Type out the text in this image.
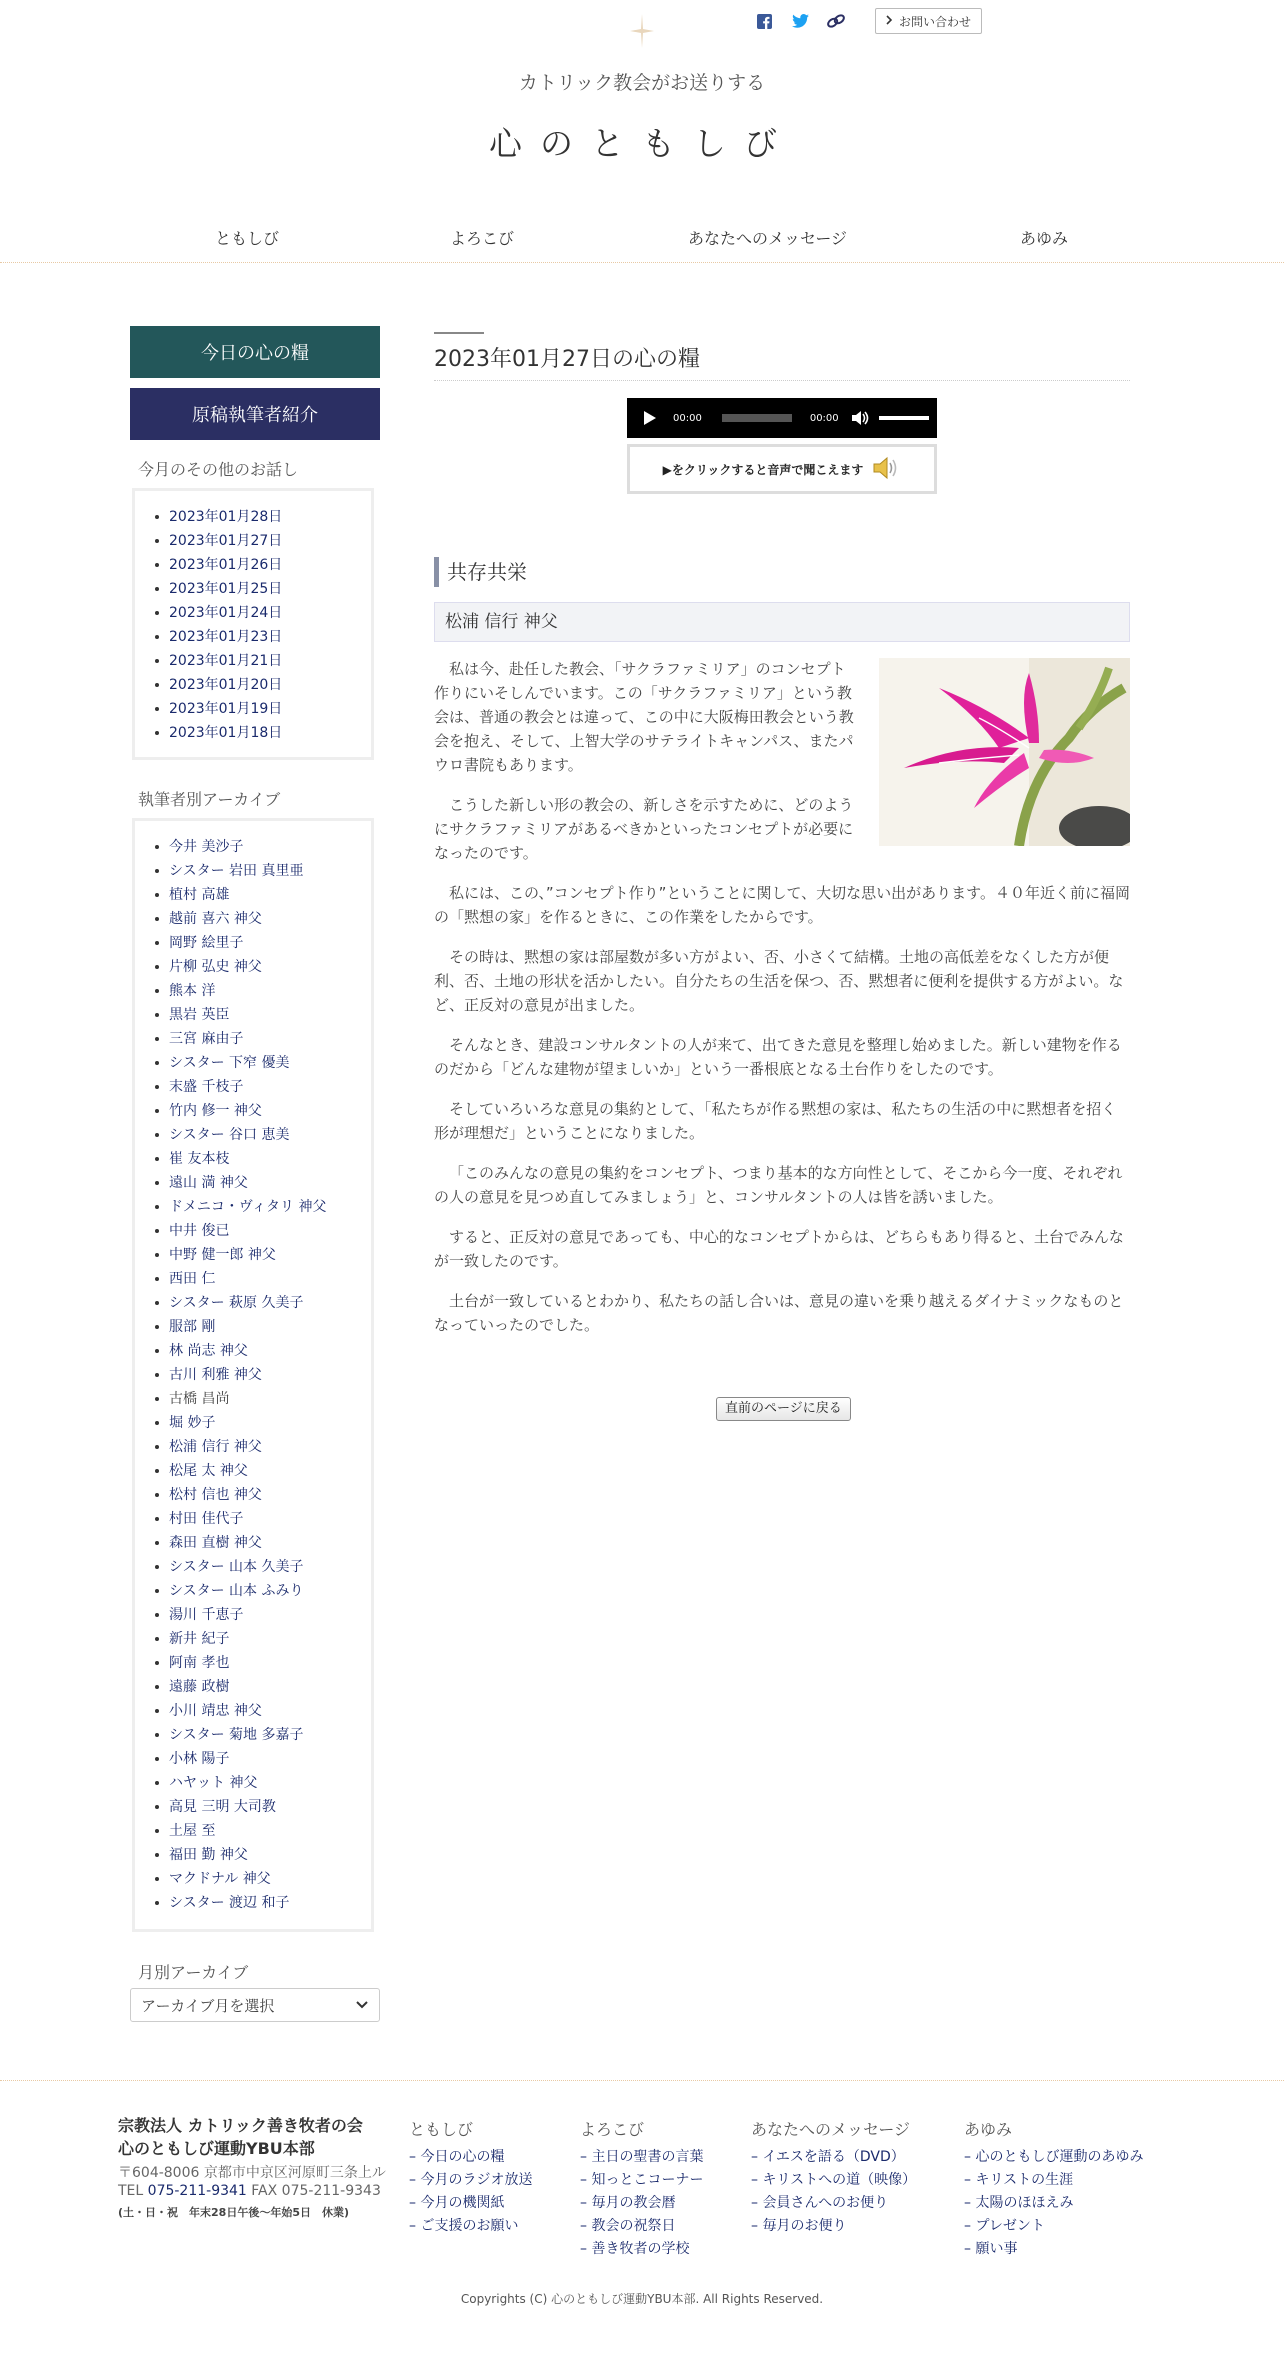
お問い合わせ
カトリック教会がお送りする
心のともしび
ともしび	よろこび	あなたへのメッセージ	あゆみ
今日の心の糧
原稿執筆者紹介
今月のその他のお話し
2023年01月28日
2023年01月27日
2023年01月26日
2023年01月25日
2023年01月24日
2023年01月23日
2023年01月21日
2023年01月20日
2023年01月19日
2023年01月18日
執筆者別アーカイブ
今井 美沙子
シスター 岩田 真里亜
植村 高雄
越前 喜六 神父
岡野 絵里子
片柳 弘史 神父
熊本 洋
黒岩 英臣
三宮 麻由子
シスター 下窄 優美
末盛 千枝子
竹内 修一 神父
シスター 谷口 恵美
崔 友本枝
遠山 満 神父
ドメニコ・ヴィタリ 神父
中井 俊已
中野 健一郎 神父
西田 仁
シスター 萩原 久美子
服部 剛
林 尚志 神父
古川 利雅 神父
古橋 昌尚
堀 妙子
松浦 信行 神父
松尾 太 神父
松村 信也 神父
村田 佳代子
森田 直樹 神父
シスター 山本 久美子
シスター 山本 ふみり
湯川 千恵子
新井 紀子
阿南 孝也
遠藤 政樹
小川 靖忠 神父
シスター 菊地 多嘉子
小林 陽子
ハヤット 神父
高見 三明 大司教
土屋 至
福田 勤 神父
マクドナル 神父
シスター 渡辺 和子
月別アーカイブ
アーカイブ月を選択
2023年01月27日の心の糧
00:00	00:00
▶をクリックすると音声で聞こえます
共存共栄
松浦 信行 神父

私は今、赴任した教会、「サクラファミリア」のコンセプト作りにいそしんでいます。この「サクラファミリア」という教会は、普通の教会とは違って、この中に大阪梅田教会という教会を抱え、そして、上智大学のサテライトキャンパス、またパウロ書院もあります。

こうした新しい形の教会の、新しさを示すために、どのようにサクラファミリアがあるべきかといったコンセプトが必要になったのです。

私には、この、”コンセプト作り”ということに関して、大切な思い出があります。４０年近く前に福岡の「黙想の家」を作るときに、この作業をしたからです。

その時は、黙想の家は部屋数が多い方がよい、否、小さくて結構。土地の高低差をなくした方が便利、否、土地の形状を活かしたい。自分たちの生活を保つ、否、黙想者に便利を提供する方がよい。など、正反対の意見が出ました。

そんなとき、建設コンサルタントの人が来て、出てきた意見を整理し始めました。新しい建物を作るのだから「どんな建物が望ましいか」という一番根底となる土台作りをしたのです。

そしていろいろな意見の集約として、「私たちが作る黙想の家は、私たちの生活の中に黙想者を招く形が理想だ」ということになりました。

「このみんなの意見の集約をコンセプト、つまり基本的な方向性として、そこから今一度、それぞれの人の意見を見つめ直してみましょう」と、コンサルタントの人は皆を誘いました。

すると、正反対の意見であっても、中心的なコンセプトからは、どちらもあり得ると、土台でみんなが一致したのです。

土台が一致しているとわかり、私たちの話し合いは、意見の違いを乗り越えるダイナミックなものとなっていったのでした。

直前のページに戻る
宗教法人 カトリック善き牧者の会
心のともしび運動YBU本部
〒604-8006 京都市中京区河原町三条上ル
TEL 075-211-9341 FAX 075-211-9343
(土・日・祝　年末28日午後〜年始5日　休業)
ともしび
– 今日の心の糧
– 今月のラジオ放送
– 今月の機関紙
– ご支援のお願い
よろこび
– 主日の聖書の言葉
– 知っとこコーナー
– 毎月の教会暦
– 教会の祝祭日
– 善き牧者の学校
あなたへのメッセージ
– イエスを語る（DVD）
– キリストへの道（映像）
– 会員さんへのお便り
– 毎月のお便り
あゆみ
– 心のともしび運動のあゆみ
– キリストの生涯
– 太陽のほほえみ
– プレゼント
– 願い事
Copyrights (C) 心のともしび運動YBU本部. All Rights Reserved.
